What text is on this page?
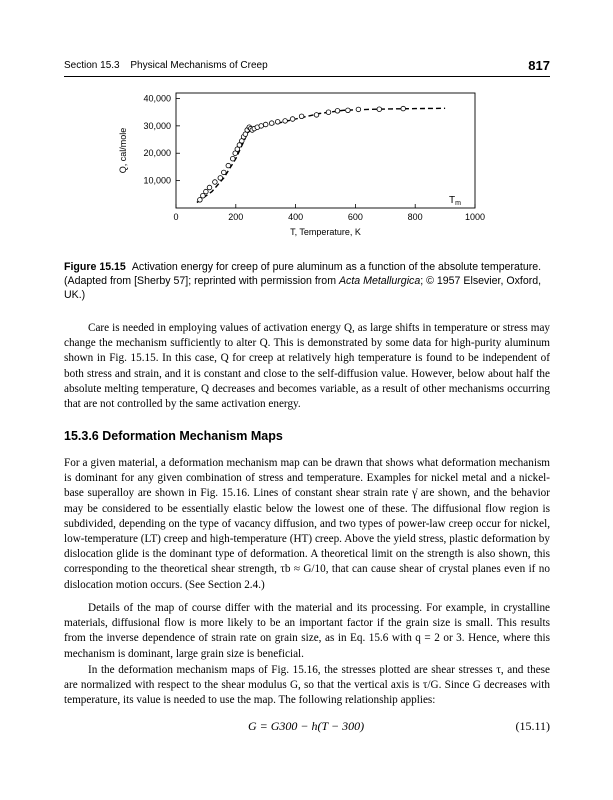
Section 15.3 Physical Mechanisms of Creep	817
0	200	400	600	800	1000
10,000
20,000
30,000
40,000
T, Temperature, K
Q, cal/mole
$T_m$
Figure 15.15 Activation energy for creep of pure aluminum as a function of the absolute temperature. (Adapted from [Sherby 57]; reprinted with permission from Acta Metallurgica; © 1957 Elsevier, Oxford, UK.)
Care is needed in employing values of activation energy Q, as large shifts in temperature or stress may change the mechanism sufficiently to alter Q. This is demonstrated by some data for high-purity aluminum shown in Fig. 15.15. In this case, Q for creep at relatively high temperature is found to be independent of both stress and strain, and it is constant and close to the self-diffusion value. However, below about half the absolute melting temperature, Q decreases and becomes variable, as a result of other mechanisms occurring that are not controlled by the same activation energy.
15.3.6 Deformation Mechanism Maps
For a given material, a deformation mechanism map can be drawn that shows what deformation mechanism is dominant for any given combination of stress and temperature. Examples for nickel metal and a nickel-base superalloy are shown in Fig. 15.16. Lines of constant shear strain rate γ̇ are shown, and the behavior may be considered to be essentially elastic below the lowest one of these. The diffusional flow region is subdivided, depending on the type of vacancy diffusion, and two types of power-law creep occur for nickel, low-temperature (LT) creep and high-temperature (HT) creep. Above the yield stress, plastic deformation by dislocation glide is the dominant type of deformation. A theoretical limit on the strength is also shown, this corresponding to the theoretical shear strength, τb ≈ G/10, that can cause shear of crystal planes even if no dislocation motion occurs. (See Section 2.4.)
Details of the map of course differ with the material and its processing. For example, in crystalline materials, diffusional flow is more likely to be an important factor if the grain size is small. This results from the inverse dependence of strain rate on grain size, as in Eq. 15.6 with q = 2 or 3. Hence, where this mechanism is dominant, large grain size is beneficial.
In the deformation mechanism maps of Fig. 15.16, the stresses plotted are shear stresses τ, and these are normalized with respect to the shear modulus G, so that the vertical axis is τ/G. Since G decreases with temperature, its value is needed to use the map. The following relationship applies:
G = G300 − h(T − 300)	(15.11)
